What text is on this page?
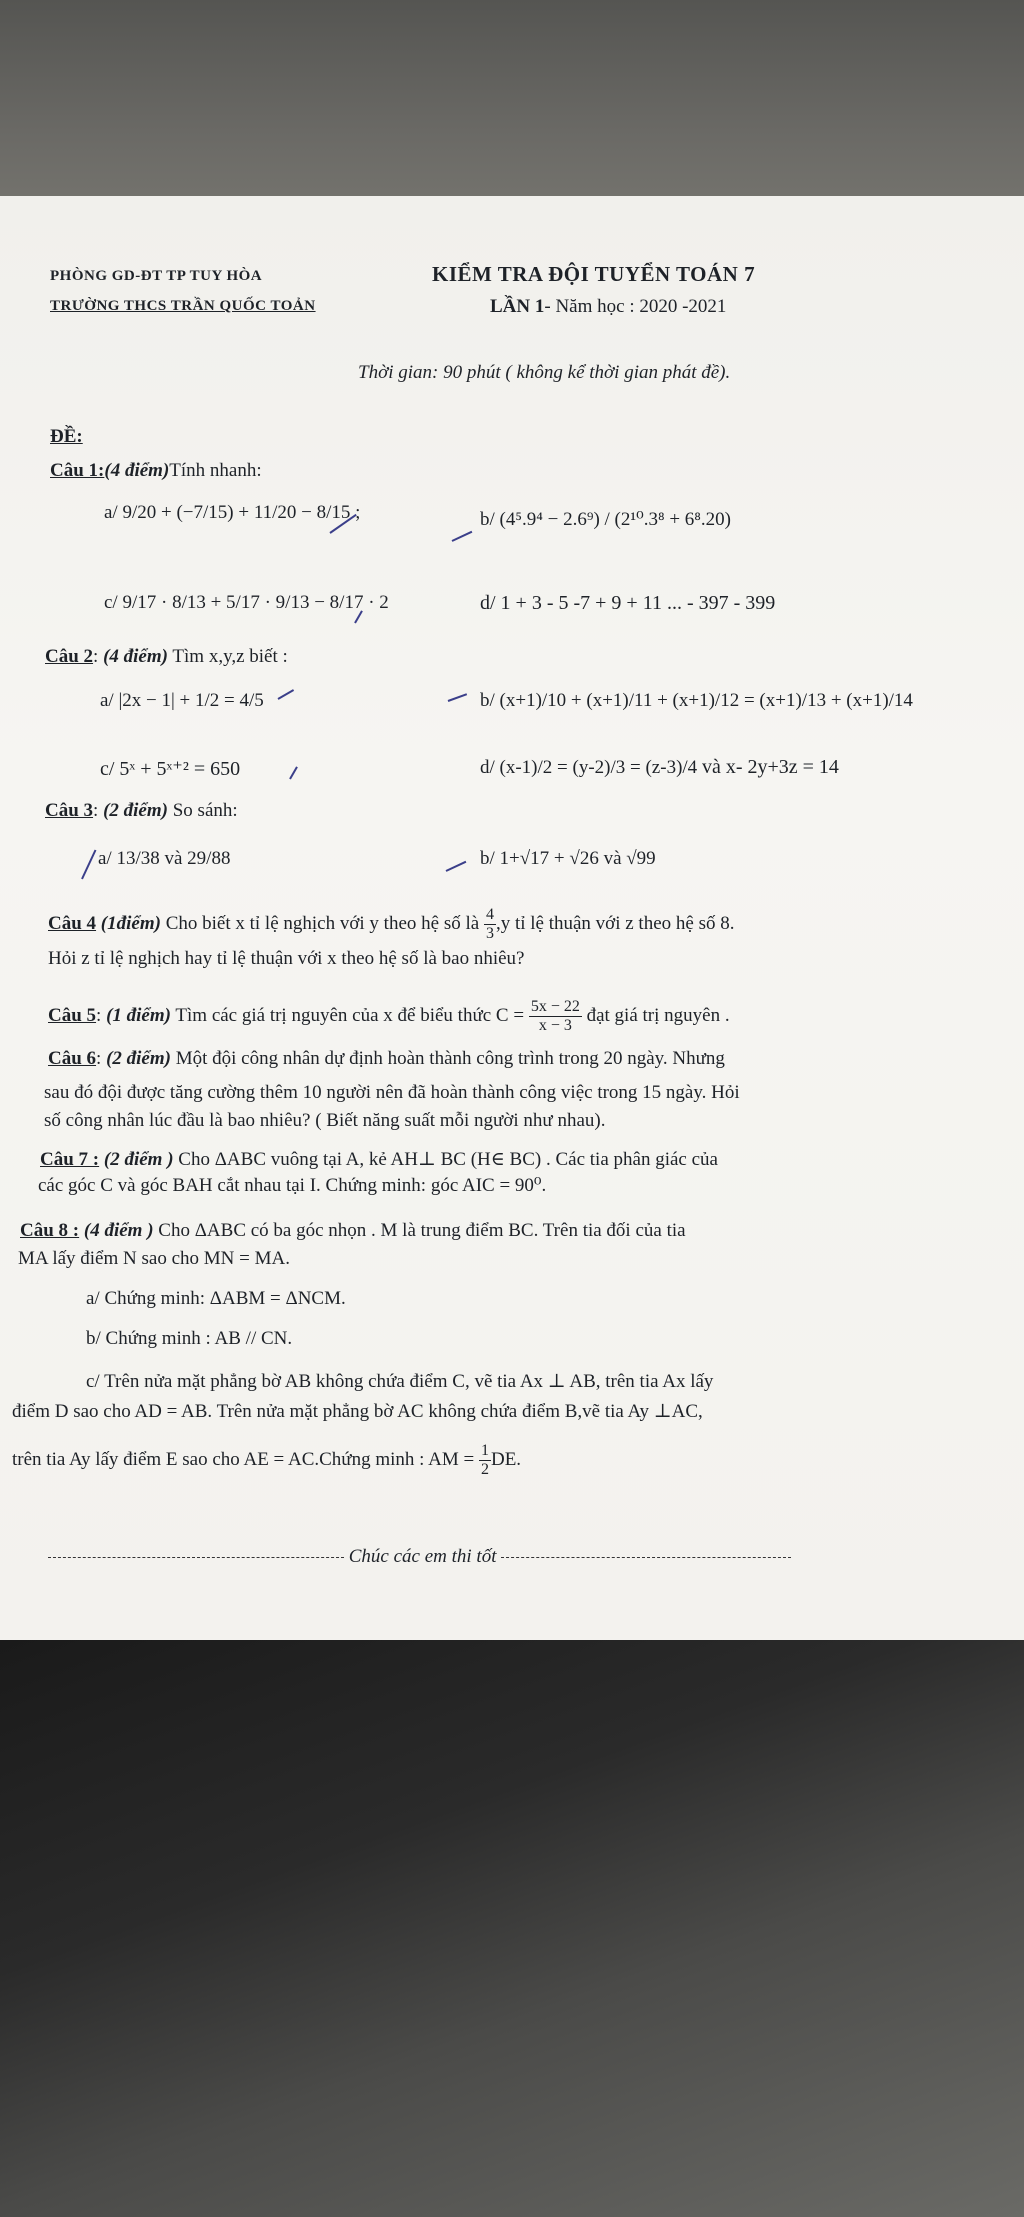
PHÒNG GD-ĐT TP TUY HÒA
TRƯỜNG THCS TRẦN QUỐC TOẢN
KIỂM TRA ĐỘI TUYỂN TOÁN 7
LẦN 1- Năm học : 2020 -2021
Thời gian: 90 phút ( không kể thời gian phát đề).
ĐỀ:
Câu 1:(4 điểm)Tính nhanh:
a/ 9/20 + (−7/15) + 11/20 − 8/15 ;	b/ (4⁵.9⁴ − 2.6⁹) / (2¹⁰.3⁸ + 6⁸.20)
c/ 9/17 · 8/13 + 5/17 · 9/13 − 8/17 · 2	d/ 1 + 3 - 5 -7 + 9 + 11 ... - 397 - 399
Câu 2: (4 điểm) Tìm x,y,z biết :
a/ |2x − 1| + 1/2 = 4/5	b/ (x+1)/10 + (x+1)/11 + (x+1)/12 = (x+1)/13 + (x+1)/14
c/ 5ˣ + 5ˣ⁺² = 650	d/ (x-1)/2 = (y-2)/3 = (z-3)/4 và x- 2y+3z = 14
Câu 3: (2 điểm) So sánh:
a/ 13/38 và 29/88	b/ 1+√17 + √26 và √99
Câu 4 (1điểm) Cho biết x tỉ lệ nghịch với y theo hệ số là $\frac{4}{3} ,y$ tỉ lệ thuận với z theo hệ số 8.
Hỏi z tỉ lệ nghịch hay tỉ lệ thuận với x theo hệ số là bao nhiêu?
Câu 5: (1 điểm) Tìm các giá trị nguyên của x để biểu thức $C = \frac{5x - 22}{x - 3}$ đạt giá trị nguyên .
Câu 6: (2 điểm) Một đội công nhân dự định hoàn thành công trình trong 20 ngày. Nhưng
sau đó đội được tăng cường thêm 10 người nên đã hoàn thành công việc trong 15 ngày. Hỏi
số công nhân lúc đầu là bao nhiêu? ( Biết năng suất mỗi người như nhau).
Câu 7 : (2 điểm ) Cho ΔABC vuông tại A, kẻ AH⊥ BC (H∈ BC) . Các tia phân giác của
các góc C và góc BAH cắt nhau tại I. Chứng minh: góc AIC = 90⁰.
Câu 8 : (4 điểm ) Cho ΔABC có ba góc nhọn . M là trung điểm BC. Trên tia đối của tia
MA lấy điểm N sao cho MN = MA.
a/ Chứng minh: ΔABM = ΔNCM.
b/ Chứng minh : AB // CN.
c/ Trên nửa mặt phẳng bờ AB không chứa điểm C, vẽ tia Ax ⊥ AB, trên tia Ax lấy
điểm D sao cho AD = AB. Trên nửa mặt phẳng bờ AC không chứa điểm B,vẽ tia Ay ⊥AC,
trên tia Ay lấy điểm E sao cho AE = AC.Chứng minh : AM = $\frac{1}{2}$ DE.
Chúc các em thi tốt
